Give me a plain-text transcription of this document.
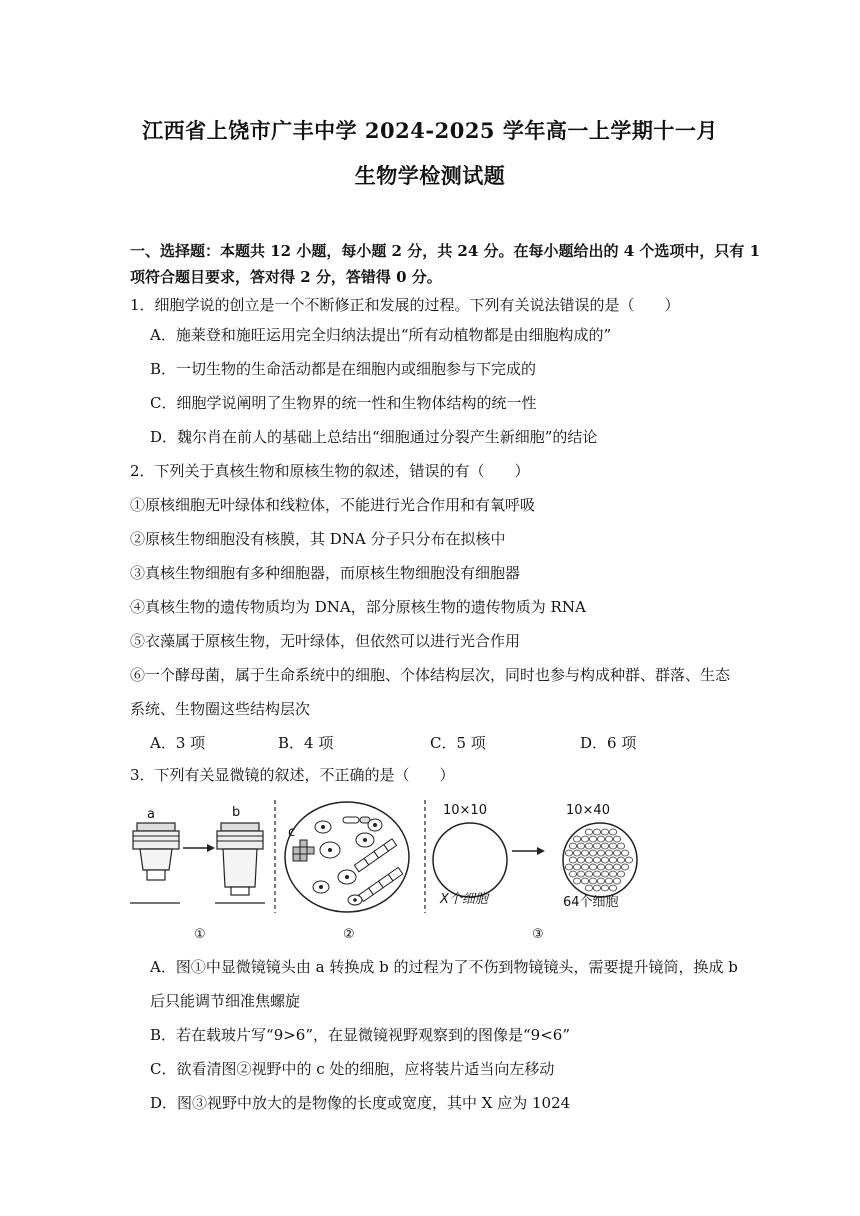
江西省上饶市广丰中学 2024-2025 学年高一上学期十一月
生物学检测试题
一、选择题：本题共 12 小题，每小题 2 分，共 24 分。在每小题给出的 4 个选项中，只有 1
项符合题目要求，答对得 2 分，答错得 0 分。
1．细胞学说的创立是一个不断修正和发展的过程。下列有关说法错误的是（　　）
A．施莱登和施旺运用完全归纳法提出“所有动植物都是由细胞构成的”
B．一切生物的生命活动都是在细胞内或细胞参与下完成的
C．细胞学说阐明了生物界的统一性和生物体结构的统一性
D．魏尔肖在前人的基础上总结出“细胞通过分裂产生新细胞”的结论
2．下列关于真核生物和原核生物的叙述，错误的有（　　）
①原核细胞无叶绿体和线粒体，不能进行光合作用和有氧呼吸
②原核生物细胞没有核膜，其 DNA 分子只分布在拟核中
③真核生物细胞有多种细胞器，而原核生物细胞没有细胞器
④真核生物的遗传物质均为 DNA，部分原核生物的遗传物质为 RNA
⑤衣藻属于原核生物，无叶绿体，但依然可以进行光合作用
⑥一个酵母菌，属于生命系统中的细胞、个体结构层次，同时也参与构成种群、群落、生态
系统、生物圈这些结构层次
A．3 项	B．4 项	C．5 项	D．6 项
3．下列有关显微镜的叙述，不正确的是（　　）
a	b
c
10×10	10×40
X个细胞	64个细胞
①	②	③
A．图①中显微镜镜头由 a 转换成 b 的过程为了不伤到物镜镜头，需要提升镜筒，换成 b
后只能调节细准焦螺旋
B．若在载玻片写“9>6”，在显微镜视野观察到的图像是“9<6”
C．欲看清图②视野中的 c 处的细胞，应将装片适当向左移动
D．图③视野中放大的是物像的长度或宽度，其中 X 应为 1024
